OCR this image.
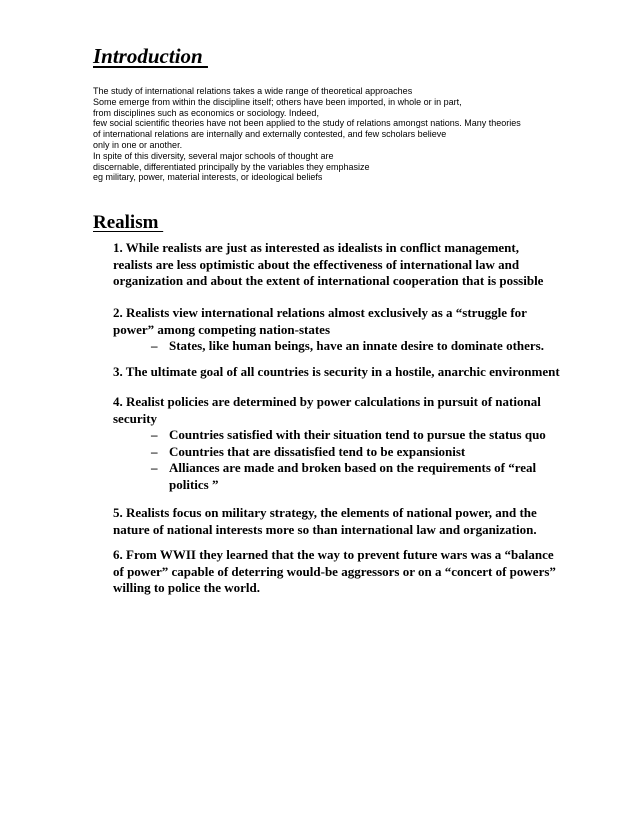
Introduction
The study of international relations takes a wide range of theoretical approaches
Some emerge from within the discipline itself; others have been imported, in whole or in part,
from disciplines such as economics or sociology. Indeed,
few social scientific theories have not been applied to the study of relations amongst nations. Many theories
of international relations are internally and externally contested, and few scholars believe
only in one or another.
In spite of this diversity, several major schools of thought are
discernable, differentiated principally by the variables they emphasize
eg military, power, material interests, or ideological beliefs
Realism
1. While realists are just as interested as idealists in conflict management,
realists are less optimistic about the effectiveness of international law and
organization and about the extent of international cooperation that is possible
2. Realists view international relations almost exclusively as a “struggle for
power” among competing nation-states
– States, like human beings, have an innate desire to dominate others.
3. The ultimate goal of all countries is security in a hostile, anarchic environment
4. Realist policies are determined by power calculations in pursuit of national
security
– Countries satisfied with their situation tend to pursue the status quo
– Countries that are dissatisfied tend to be expansionist
– Alliances are made and broken based on the requirements of “real
politics ”
5. Realists focus on military strategy, the elements of national power, and the
nature of national interests more so than international law and organization.
6. From WWII they learned that the way to prevent future wars was a “balance
of power” capable of deterring would-be aggressors or on a “concert of powers”
willing to police the world.
